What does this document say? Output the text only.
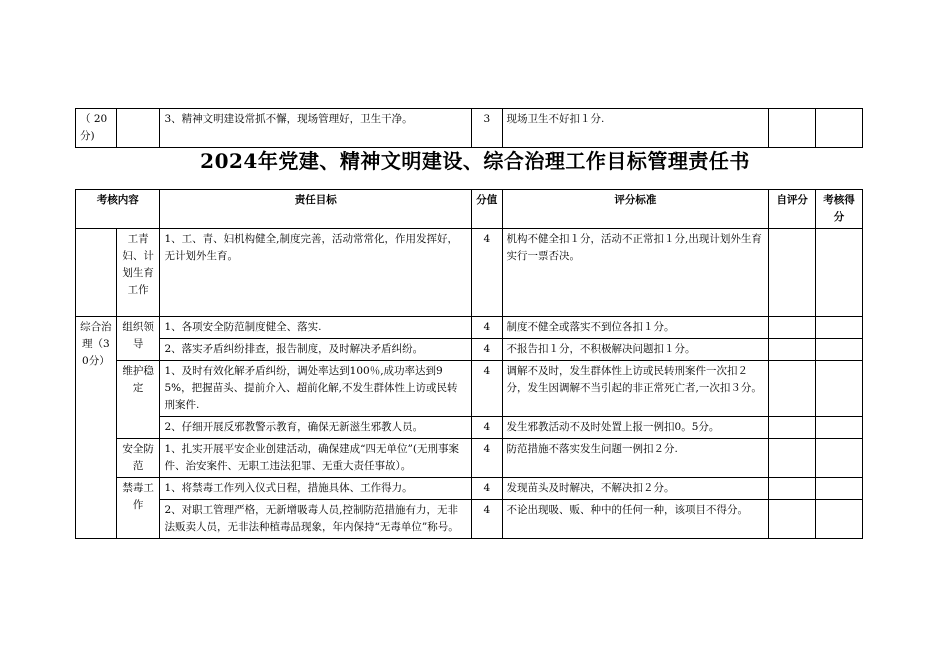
（ 20 分)		3、精神文明建设常抓不懈，现场管理好，卫生干净。	3	现场卫生不好扣１分.		
2024年党建、精神文明建设、综合治理工作目标管理责任书
考核内容		责任目标	分值	评分标准	自评分	考核得分
	工青妇、计划生育工作	1、工、青、妇机构健全,制度完善，活动常常化，作用发挥好，无计划外生育。	4	机构不健全扣１分，活动不正常扣１分,出现计划外生育实行一票否决。		
综合治理（30分）	组织领导	1、各项安全防范制度健全、落实.	4	制度不健全或落实不到位各扣１分。		
		2、落实矛盾纠纷排查，报告制度，及时解决矛盾纠纷。	4	不报告扣１分，不积极解决问题扣１分。		
	维护稳定	1、及时有效化解矛盾纠纷，调处率达到100％,成功率达到95%，把握苗头、提前介入、超前化解,不发生群体性上访或民转刑案件.	4	调解不及时，发生群体性上访或民转刑案件一次扣２分，发生因调解不当引起的非正常死亡者,一次扣３分。		
		2、仔细开展反邪教警示教育，确保无新滋生邪教人员。	4	发生邪教活动不及时处置上报一例扣0。5分。		
	安全防范	1、扎实开展平安企业创建活动，确保建成“四无单位”(无刑事案件、治安案件、无职工违法犯罪、无重大责任事故）。	4	防范措施不落实发生问题一例扣２分.		
	禁毒工作	1、将禁毒工作列入仪式日程，措施具体、工作得力。	4	发现苗头及时解决，不解决扣２分。		
		2、对职工管理严格，无新增吸毒人员,控制防范措施有力，无非法贩卖人员，无非法种植毒品现象，年内保持“无毒单位”称号。	4	不论出现吸、贩、种中的任何一种，该项目不得分。		
